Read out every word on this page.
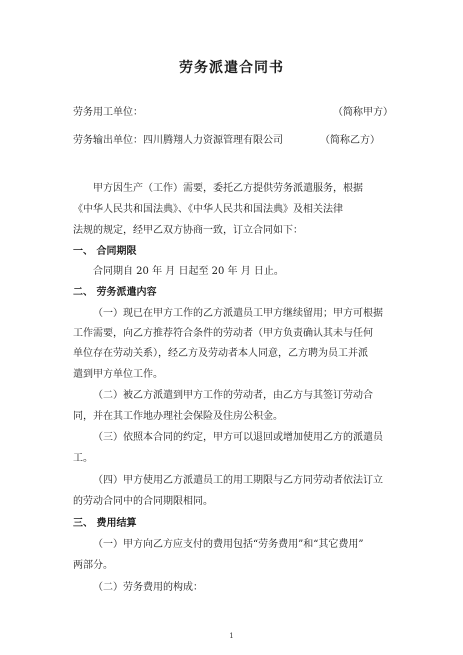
劳务派遣合同书
劳务用工单位：	（简称甲方）
劳务输出单位：四川腾翔人力资源管理有限公司	（简称乙方）
甲方因生产（工作）需要，委托乙方提供劳务派遣服务，根据
《中华人民共和国法典》、《中华人民共和国法典》及相关法律
法规的规定，经甲乙双方协商一致，订立合同如下：
一、 合同期限
合同期自 20 年 月 日起至 20 年 月 日止。
二、 劳务派遣内容
（一）现已在甲方工作的乙方派遣员工甲方继续留用；甲方可根据
工作需要，向乙方推荐符合条件的劳动者（甲方负责确认其未与任何
单位存在劳动关系），经乙方及劳动者本人同意，乙方聘为员工并派
遣到甲方单位工作。
（二）被乙方派遣到甲方工作的劳动者，由乙方与其签订劳动合
同，并在其工作地办理社会保险及住房公积金。
（三）依照本合同的约定，甲方可以退回或增加使用乙方的派遣员
工。
（四）甲方使用乙方派遣员工的用工期限与乙方同劳动者依法订立
的劳动合同中的合同期限相同。
三、 费用结算
（一）甲方向乙方应支付的费用包括“劳务费用”和“其它费用”
两部分。
（二）劳务费用的构成：
1
